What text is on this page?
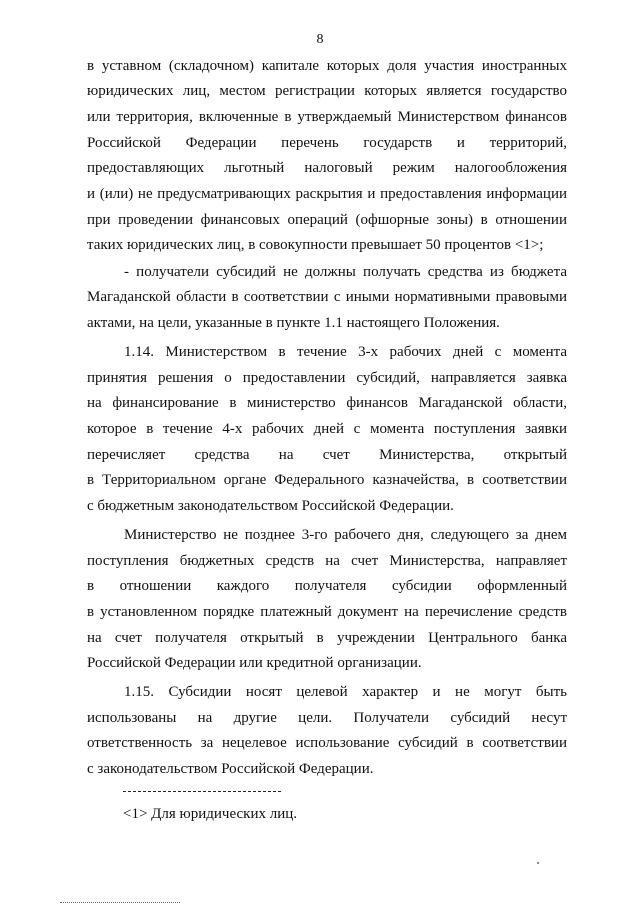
8
в уставном (складочном) капитале которых доля участия иностранных
юридических лиц, местом регистрации которых является государство
или территория, включенные в утверждаемый Министерством финансов
Российской Федерации перечень государств и территорий,
предоставляющих льготный налоговый режим налогообложения
и (или) не предусматривающих раскрытия и предоставления информации
при проведении финансовых операций (офшорные зоны) в отношении
таких юридических лиц, в совокупности превышает 50 процентов <1>;
- получатели субсидий не должны получать средства из бюджета
Магаданской области в соответствии с иными нормативными правовыми
актами, на цели, указанные в пункте 1.1 настоящего Положения.
1.14. Министерством в течение 3-х рабочих дней с момента
принятия решения о предоставлении субсидий, направляется заявка
на финансирование в министерство финансов Магаданской области,
которое в течение 4-х рабочих дней с момента поступления заявки
перечисляет средства на счет Министерства, открытый
в Территориальном органе Федерального казначейства, в соответствии
с бюджетным законодательством Российской Федерации.
Министерство не позднее 3-го рабочего дня, следующего за днем
поступления бюджетных средств на счет Министерства, направляет
в отношении каждого получателя субсидии оформленный
в установленном порядке платежный документ на перечисление средств
на счет получателя открытый в учреждении Центрального банка
Российской Федерации или кредитной организации.
1.15. Субсидии носят целевой характер и не могут быть
использованы на другие цели. Получатели субсидий несут
ответственность за нецелевое использование субсидий в соответствии
с законодательством Российской Федерации.
<1> Для юридических лиц.
